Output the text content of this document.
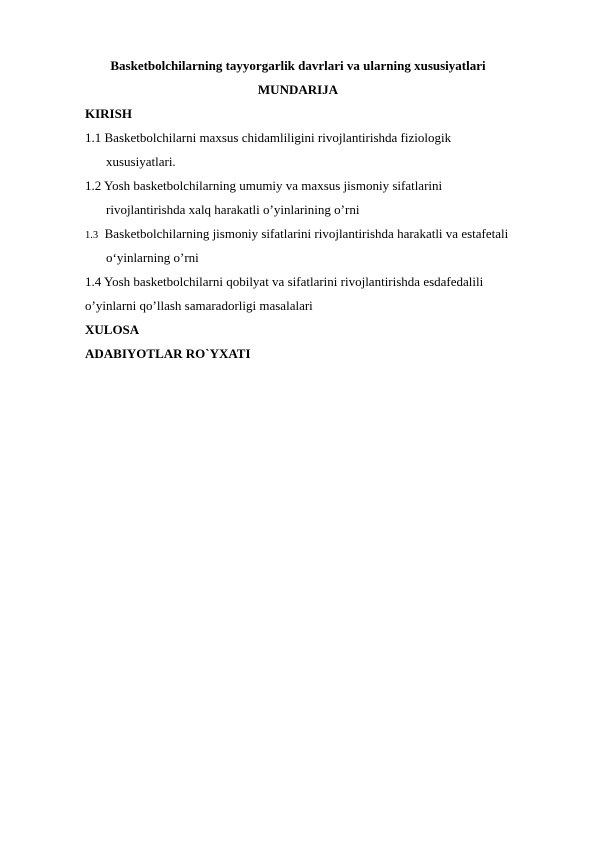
Basketbolchilarning tayyorgarlik davrlari va ularning xususiyatlari
MUNDARIJA
KIRISH
1.1 Basketbolchilarni maxsus chidamliligini rivojlantirishda fiziologik
xususiyatlari.
1.2 Yosh basketbolchilarning umumiy va maxsus jismoniy sifatlarini
rivojlantirishda xalq harakatli o’yinlarining o’rni
1.3 Basketbolchilarning jismoniy sifatlarini rivojlantirishda harakatli va estafetali
o‘yinlarning o’rni
1.4 Yosh basketbolchilarni qobilyat va sifatlarini rivojlantirishda esdafedalili
o’yinlarni qo’llash samaradorligi masalalari
XULOSA
ADABIYOTLAR RO`YXATI
